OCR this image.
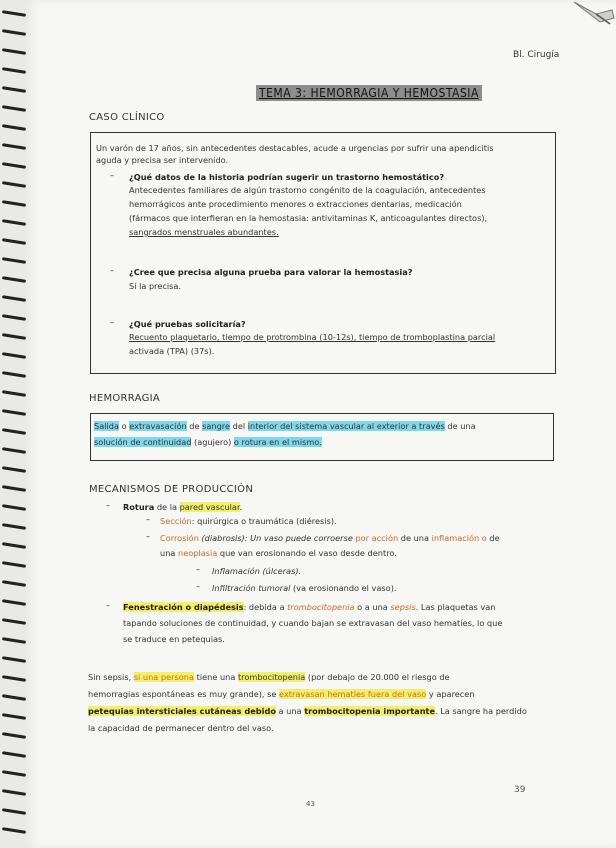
Bl. Cirugía
TEMA 3: HEMORRAGIA Y HEMOSTASIA
CASO CLÍNICO
Un varón de 17 años, sin antecedentes destacables, acude a urgencias por sufrir una apendicitis
aguda y precisa ser intervenido.
– ¿Qué datos de la historia podrían sugerir un trastorno hemostático?
Antecedentes familiares de algún trastorno congénito de la coagulación, antecedentes
hemorrágicos ante procedimiento menores o extracciones dentarias, medicación
(fármacos que interfieran en la hemostasia: antivitaminas K, anticoagulantes directos),
sangrados menstruales abundantes.
– ¿Cree que precisa alguna prueba para valorar la hemostasia?
Sí la precisa.
– ¿Qué pruebas solicitaría?
Recuento plaquetario, tiempo de protrombina (10-12s), tiempo de tromboplastina parcial
activada (TPA) (37s).
HEMORRAGIA
Salida o extravasación de sangre del interior del sistema vascular al exterior a través de una
solución de continuidad (agujero) o rotura en el mismo.
MECANISMOS DE PRODUCCIÓN
– Rotura de la pared vascular.
– Sección: quirúrgica o traumática (diéresis).
– Corrosión (diabrosis): Un vaso puede corroerse por acción de una inflamación o de
una neoplasia que van erosionando el vaso desde dentro.
– Inflamación (úlceras).
– Infiltración tumoral (va erosionando el vaso).
– Fenestración o diapédesis: debida a trombocitopenia o a una sepsis. Las plaquetas van
tapando soluciones de continuidad, y cuando bajan se extravasan del vaso hematíes, lo que
se traduce en petequias.
Sin sepsis, si una persona tiene una trombocitopenia (por debajo de 20.000 el riesgo de
hemorragias espontáneas es muy grande), se extravasan hematíes fuera del vaso y aparecen
petequias intersticiales cutáneas debido a una trombocitopenia importante. La sangre ha perdido
la capacidad de permanecer dentro del vaso.
39
43
